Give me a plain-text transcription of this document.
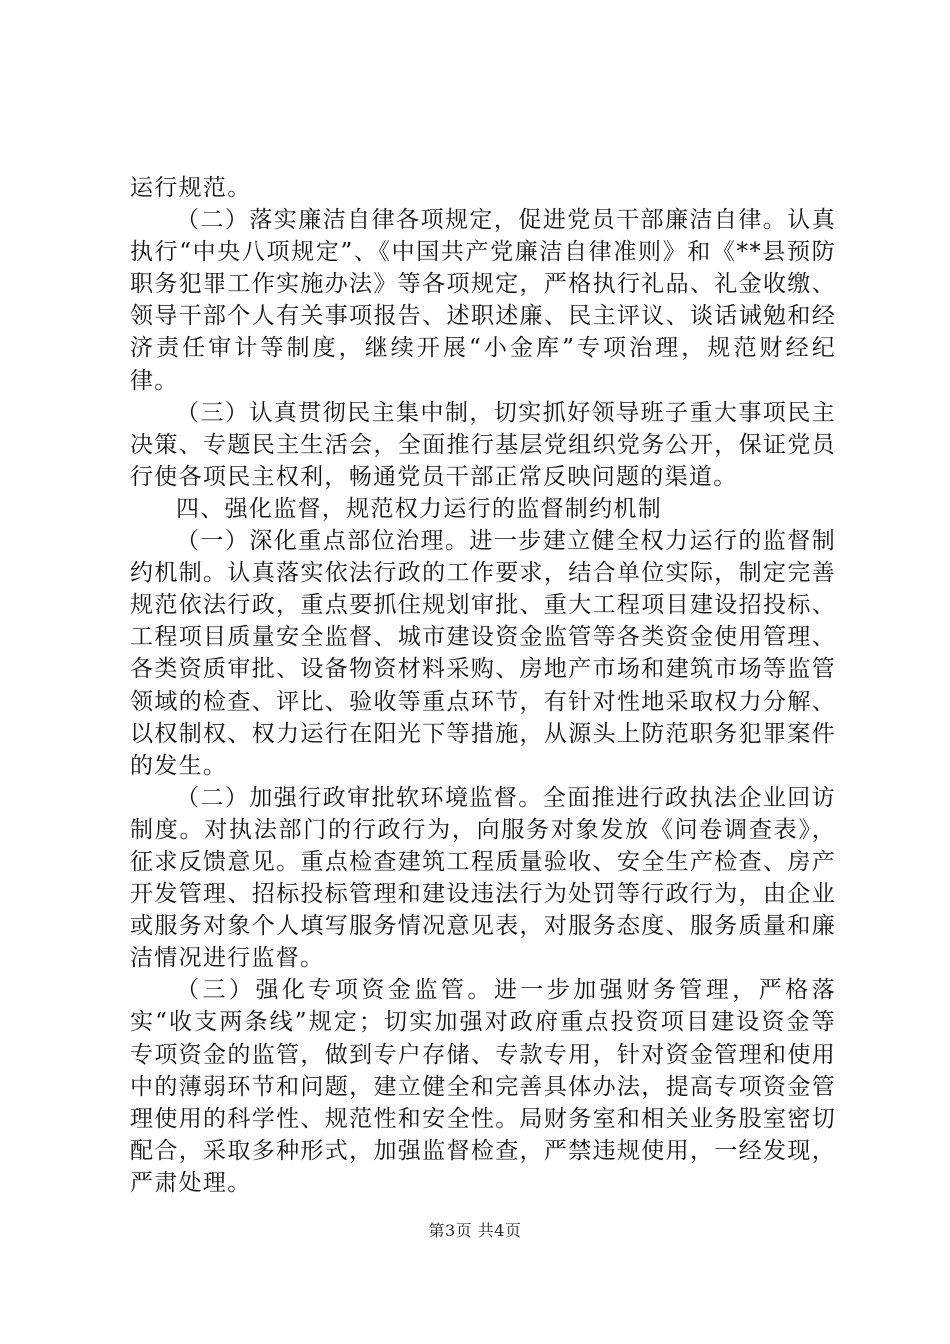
运行规范。

（二）落实廉洁自律各项规定，促进党员干部廉洁自律。认真执行“中央八项规定”、《中国共产党廉洁自律准则》和《**县预防职务犯罪工作实施办法》等各项规定，严格执行礼品、礼金收缴、领导干部个人有关事项报告、述职述廉、民主评议、谈话诫勉和经济责任审计等制度，继续开展“小金库”专项治理，规范财经纪律。

（三）认真贯彻民主集中制，切实抓好领导班子重大事项民主决策、专题民主生活会，全面推行基层党组织党务公开，保证党员行使各项民主权利，畅通党员干部正常反映问题的渠道。

四、强化监督，规范权力运行的监督制约机制

（一）深化重点部位治理。进一步建立健全权力运行的监督制约机制。认真落实依法行政的工作要求，结合单位实际，制定完善规范依法行政，重点要抓住规划审批、重大工程项目建设招投标、工程项目质量安全监督、城市建设资金监管等各类资金使用管理、各类资质审批、设备物资材料采购、房地产市场和建筑市场等监管领域的检查、评比、验收等重点环节，有针对性地采取权力分解、以权制权、权力运行在阳光下等措施，从源头上防范职务犯罪案件的发生。

（二）加强行政审批软环境监督。全面推进行政执法企业回访制度。对执法部门的行政行为，向服务对象发放《问卷调查表》，征求反馈意见。重点检查建筑工程质量验收、安全生产检查、房产开发管理、招标投标管理和建设违法行为处罚等行政行为，由企业或服务对象个人填写服务情况意见表，对服务态度、服务质量和廉洁情况进行监督。

（三）强化专项资金监管。进一步加强财务管理，严格落实“收支两条线”规定；切实加强对政府重点投资项目建设资金等专项资金的监管，做到专户存储、专款专用，针对资金管理和使用中的薄弱环节和问题，建立健全和完善具体办法，提高专项资金管理使用的科学性、规范性和安全性。局财务室和相关业务股室密切配合，采取多种形式，加强监督检查，严禁违规使用，一经发现，严肃处理。

第3页 共4页
